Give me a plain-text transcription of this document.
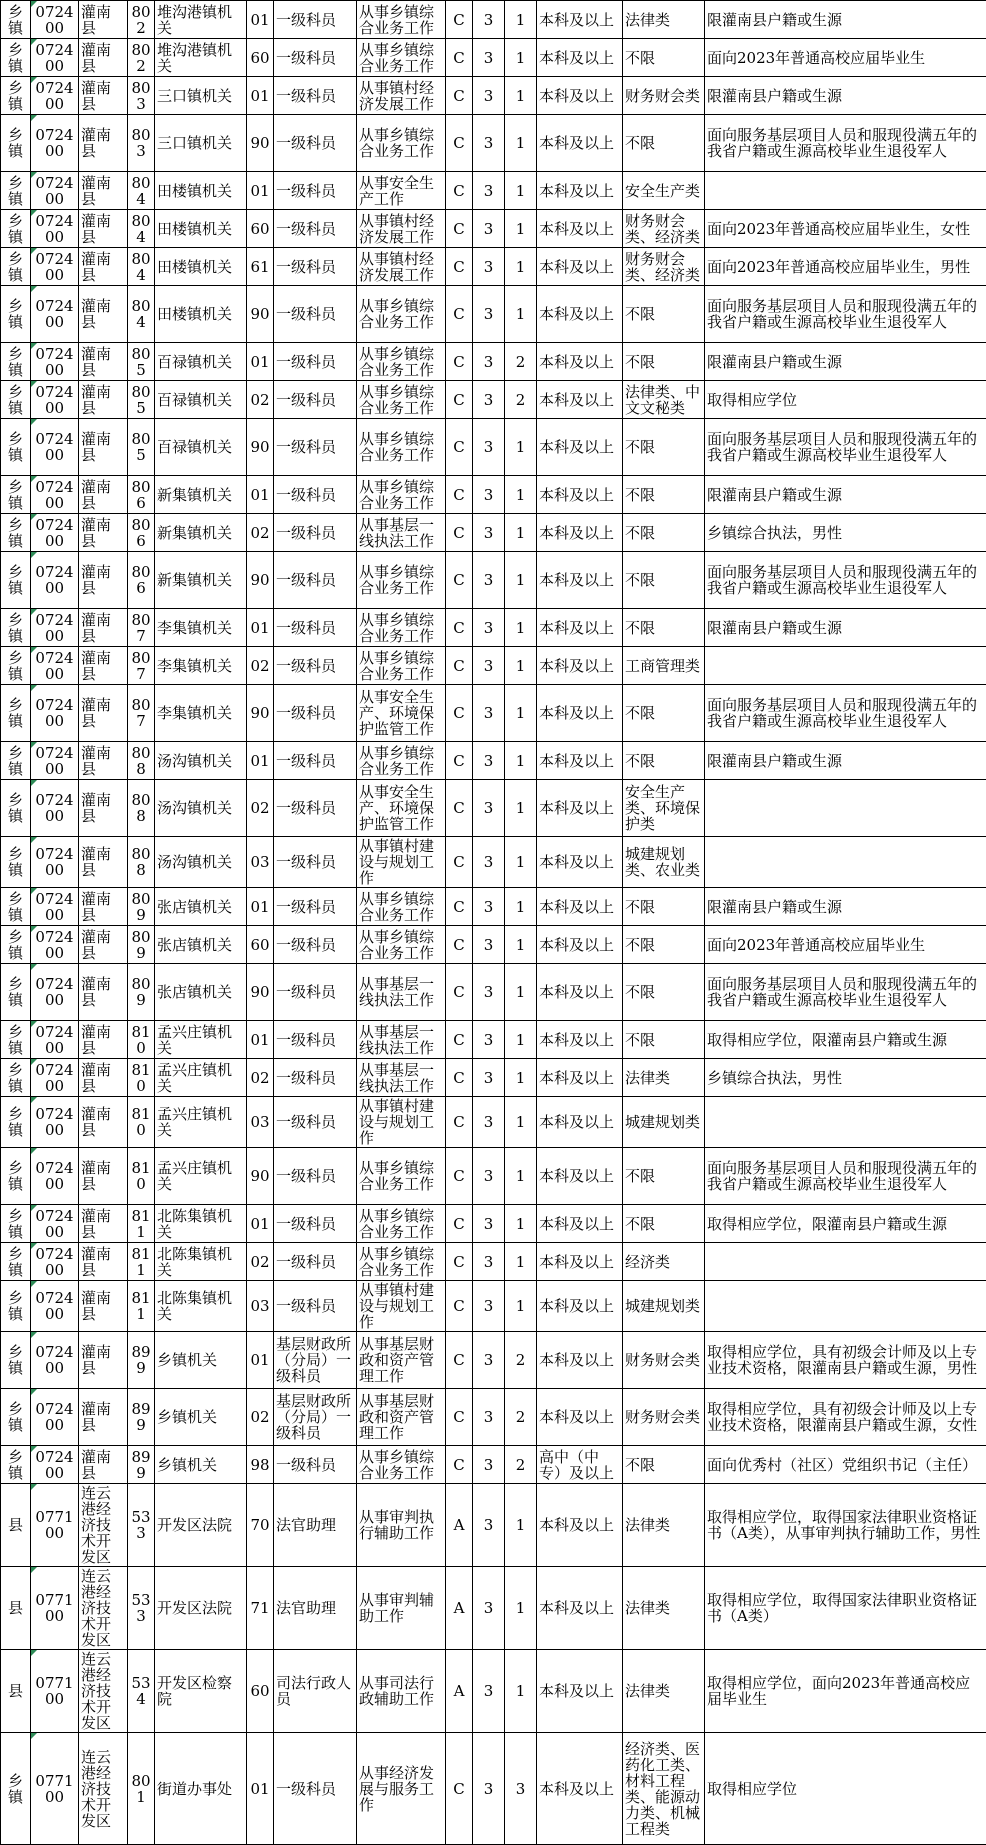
乡镇	072400	灌南县	802	堆沟港镇机关	01	一级科员	从事乡镇综合业务工作	C	3	1	本科及以上	法律类	限灌南县户籍或生源
乡镇	072400	灌南县	802	堆沟港镇机关	60	一级科员	从事乡镇综合业务工作	C	3	1	本科及以上	不限	面向2023年普通高校应届毕业生
乡镇	072400	灌南县	803	三口镇机关	01	一级科员	从事镇村经济发展工作	C	3	1	本科及以上	财务财会类	限灌南县户籍或生源
乡镇	072400	灌南县	803	三口镇机关	90	一级科员	从事乡镇综合业务工作	C	3	1	本科及以上	不限	面向服务基层项目人员和服现役满五年的我省户籍或生源高校毕业生退役军人
乡镇	072400	灌南县	804	田楼镇机关	01	一级科员	从事安全生产工作	C	3	1	本科及以上	安全生产类	
乡镇	072400	灌南县	804	田楼镇机关	60	一级科员	从事镇村经济发展工作	C	3	1	本科及以上	财务财会类、经济类	面向2023年普通高校应届毕业生，女性
乡镇	072400	灌南县	804	田楼镇机关	61	一级科员	从事镇村经济发展工作	C	3	1	本科及以上	财务财会类、经济类	面向2023年普通高校应届毕业生，男性
乡镇	072400	灌南县	804	田楼镇机关	90	一级科员	从事乡镇综合业务工作	C	3	1	本科及以上	不限	面向服务基层项目人员和服现役满五年的我省户籍或生源高校毕业生退役军人
乡镇	072400	灌南县	805	百禄镇机关	01	一级科员	从事乡镇综合业务工作	C	3	2	本科及以上	不限	限灌南县户籍或生源
乡镇	072400	灌南县	805	百禄镇机关	02	一级科员	从事乡镇综合业务工作	C	3	2	本科及以上	法律类、中文文秘类	取得相应学位
乡镇	072400	灌南县	805	百禄镇机关	90	一级科员	从事乡镇综合业务工作	C	3	1	本科及以上	不限	面向服务基层项目人员和服现役满五年的我省户籍或生源高校毕业生退役军人
乡镇	072400	灌南县	806	新集镇机关	01	一级科员	从事乡镇综合业务工作	C	3	1	本科及以上	不限	限灌南县户籍或生源
乡镇	072400	灌南县	806	新集镇机关	02	一级科员	从事基层一线执法工作	C	3	1	本科及以上	不限	乡镇综合执法，男性
乡镇	072400	灌南县	806	新集镇机关	90	一级科员	从事乡镇综合业务工作	C	3	1	本科及以上	不限	面向服务基层项目人员和服现役满五年的我省户籍或生源高校毕业生退役军人
乡镇	072400	灌南县	807	李集镇机关	01	一级科员	从事乡镇综合业务工作	C	3	1	本科及以上	不限	限灌南县户籍或生源
乡镇	072400	灌南县	807	李集镇机关	02	一级科员	从事乡镇综合业务工作	C	3	1	本科及以上	工商管理类	
乡镇	072400	灌南县	807	李集镇机关	90	一级科员	从事安全生产、环境保护监管工作	C	3	1	本科及以上	不限	面向服务基层项目人员和服现役满五年的我省户籍或生源高校毕业生退役军人
乡镇	072400	灌南县	808	汤沟镇机关	01	一级科员	从事乡镇综合业务工作	C	3	1	本科及以上	不限	限灌南县户籍或生源
乡镇	072400	灌南县	808	汤沟镇机关	02	一级科员	从事安全生产、环境保护监管工作	C	3	1	本科及以上	安全生产类、环境保护类	
乡镇	072400	灌南县	808	汤沟镇机关	03	一级科员	从事镇村建设与规划工作	C	3	1	本科及以上	城建规划类、农业类	
乡镇	072400	灌南县	809	张店镇机关	01	一级科员	从事乡镇综合业务工作	C	3	1	本科及以上	不限	限灌南县户籍或生源
乡镇	072400	灌南县	809	张店镇机关	60	一级科员	从事乡镇综合业务工作	C	3	1	本科及以上	不限	面向2023年普通高校应届毕业生
乡镇	072400	灌南县	809	张店镇机关	90	一级科员	从事基层一线执法工作	C	3	1	本科及以上	不限	面向服务基层项目人员和服现役满五年的我省户籍或生源高校毕业生退役军人
乡镇	072400	灌南县	810	孟兴庄镇机关	01	一级科员	从事基层一线执法工作	C	3	1	本科及以上	不限	取得相应学位，限灌南县户籍或生源
乡镇	072400	灌南县	810	孟兴庄镇机关	02	一级科员	从事基层一线执法工作	C	3	1	本科及以上	法律类	乡镇综合执法，男性
乡镇	072400	灌南县	810	孟兴庄镇机关	03	一级科员	从事镇村建设与规划工作	C	3	1	本科及以上	城建规划类	
乡镇	072400	灌南县	810	孟兴庄镇机关	90	一级科员	从事乡镇综合业务工作	C	3	1	本科及以上	不限	面向服务基层项目人员和服现役满五年的我省户籍或生源高校毕业生退役军人
乡镇	072400	灌南县	811	北陈集镇机关	01	一级科员	从事乡镇综合业务工作	C	3	1	本科及以上	不限	取得相应学位，限灌南县户籍或生源
乡镇	072400	灌南县	811	北陈集镇机关	02	一级科员	从事乡镇综合业务工作	C	3	1	本科及以上	经济类	
乡镇	072400	灌南县	811	北陈集镇机关	03	一级科员	从事镇村建设与规划工作	C	3	1	本科及以上	城建规划类	
乡镇	072400	灌南县	899	乡镇机关	01	基层财政所（分局）一级科员	从事基层财政和资产管理工作	C	3	2	本科及以上	财务财会类	取得相应学位，具有初级会计师及以上专业技术资格，限灌南县户籍或生源，男性
乡镇	072400	灌南县	899	乡镇机关	02	基层财政所（分局）一级科员	从事基层财政和资产管理工作	C	3	2	本科及以上	财务财会类	取得相应学位，具有初级会计师及以上专业技术资格，限灌南县户籍或生源，女性
乡镇	072400	灌南县	899	乡镇机关	98	一级科员	从事乡镇综合业务工作	C	3	2	高中（中专）及以上	不限	面向优秀村（社区）党组织书记（主任）
县	077100	连云港经济技术开发区	533	开发区法院	70	法官助理	从事审判执行辅助工作	A	3	1	本科及以上	法律类	取得相应学位，取得国家法律职业资格证书（A类），从事审判执行辅助工作，男性
县	077100	连云港经济技术开发区	533	开发区法院	71	法官助理	从事审判辅助工作	A	3	1	本科及以上	法律类	取得相应学位，取得国家法律职业资格证书（A类）
县	077100	连云港经济技术开发区	534	开发区检察院	60	司法行政人员	从事司法行政辅助工作	A	3	1	本科及以上	法律类	取得相应学位，面向2023年普通高校应届毕业生
乡镇	077100	连云港经济技术开发区	801	街道办事处	01	一级科员	从事经济发展与服务工作	C	3	3	本科及以上	经济类、医药化工类、材料工程类、能源动力类、机械工程类	取得相应学位
